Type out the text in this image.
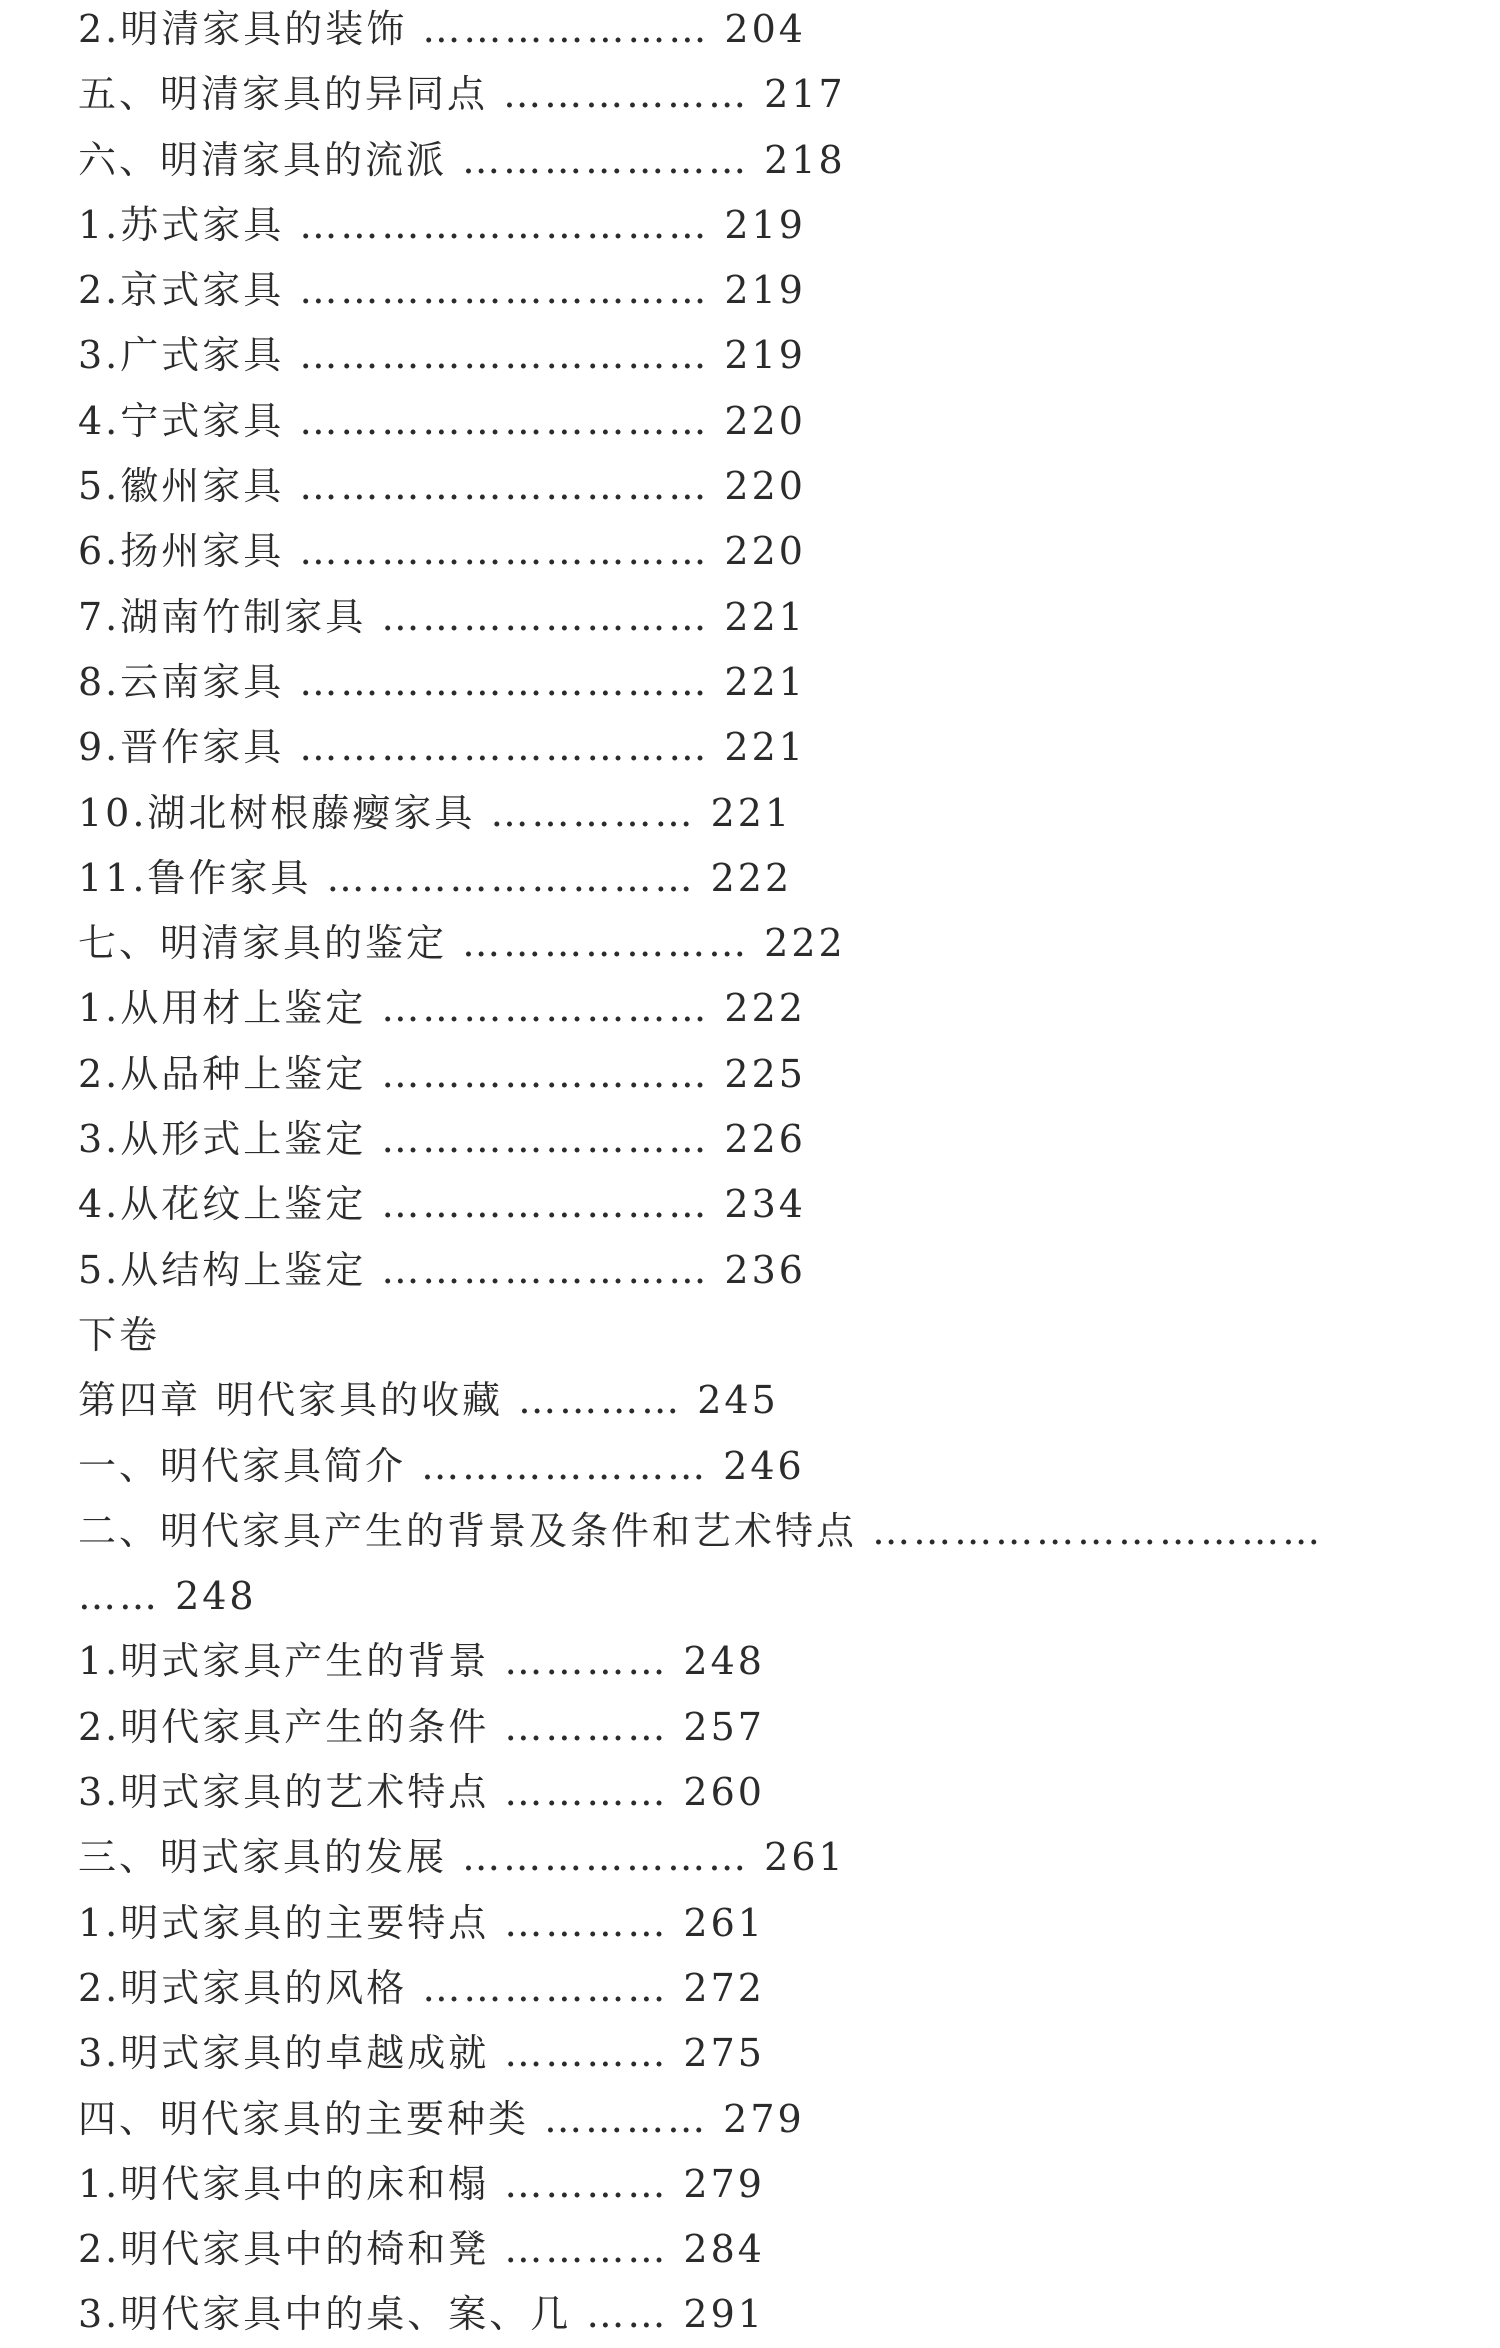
2.明清家具的装饰 ………………… 204
五、明清家具的异同点 ……………… 217
六、明清家具的流派 ………………… 218
1.苏式家具 ………………………… 219
2.京式家具 ………………………… 219
3.广式家具 ………………………… 219
4.宁式家具 ………………………… 220
5.徽州家具 ………………………… 220
6.扬州家具 ………………………… 220
7.湖南竹制家具 …………………… 221
8.云南家具 ………………………… 221
9.晋作家具 ………………………… 221
10.湖北树根藤瘿家具 …………… 221
11.鲁作家具 ……………………… 222
七、明清家具的鉴定 ………………… 222
1.从用材上鉴定 …………………… 222
2.从品种上鉴定 …………………… 225
3.从形式上鉴定 …………………… 226
4.从花纹上鉴定 …………………… 234
5.从结构上鉴定 …………………… 236
下卷
第四章 明代家具的收藏 ………… 245
一、明代家具简介 ………………… 246
二、明代家具产生的背景及条件和艺术特点 ……………………………
…… 248
1.明式家具产生的背景 ………… 248
2.明代家具产生的条件 ………… 257
3.明式家具的艺术特点 ………… 260
三、明式家具的发展 ………………… 261
1.明式家具的主要特点 ………… 261
2.明式家具的风格 ……………… 272
3.明式家具的卓越成就 ………… 275
四、明代家具的主要种类 ………… 279
1.明代家具中的床和榻 ………… 279
2.明代家具中的椅和凳 ………… 284
3.明代家具中的桌、案、几 …… 291
